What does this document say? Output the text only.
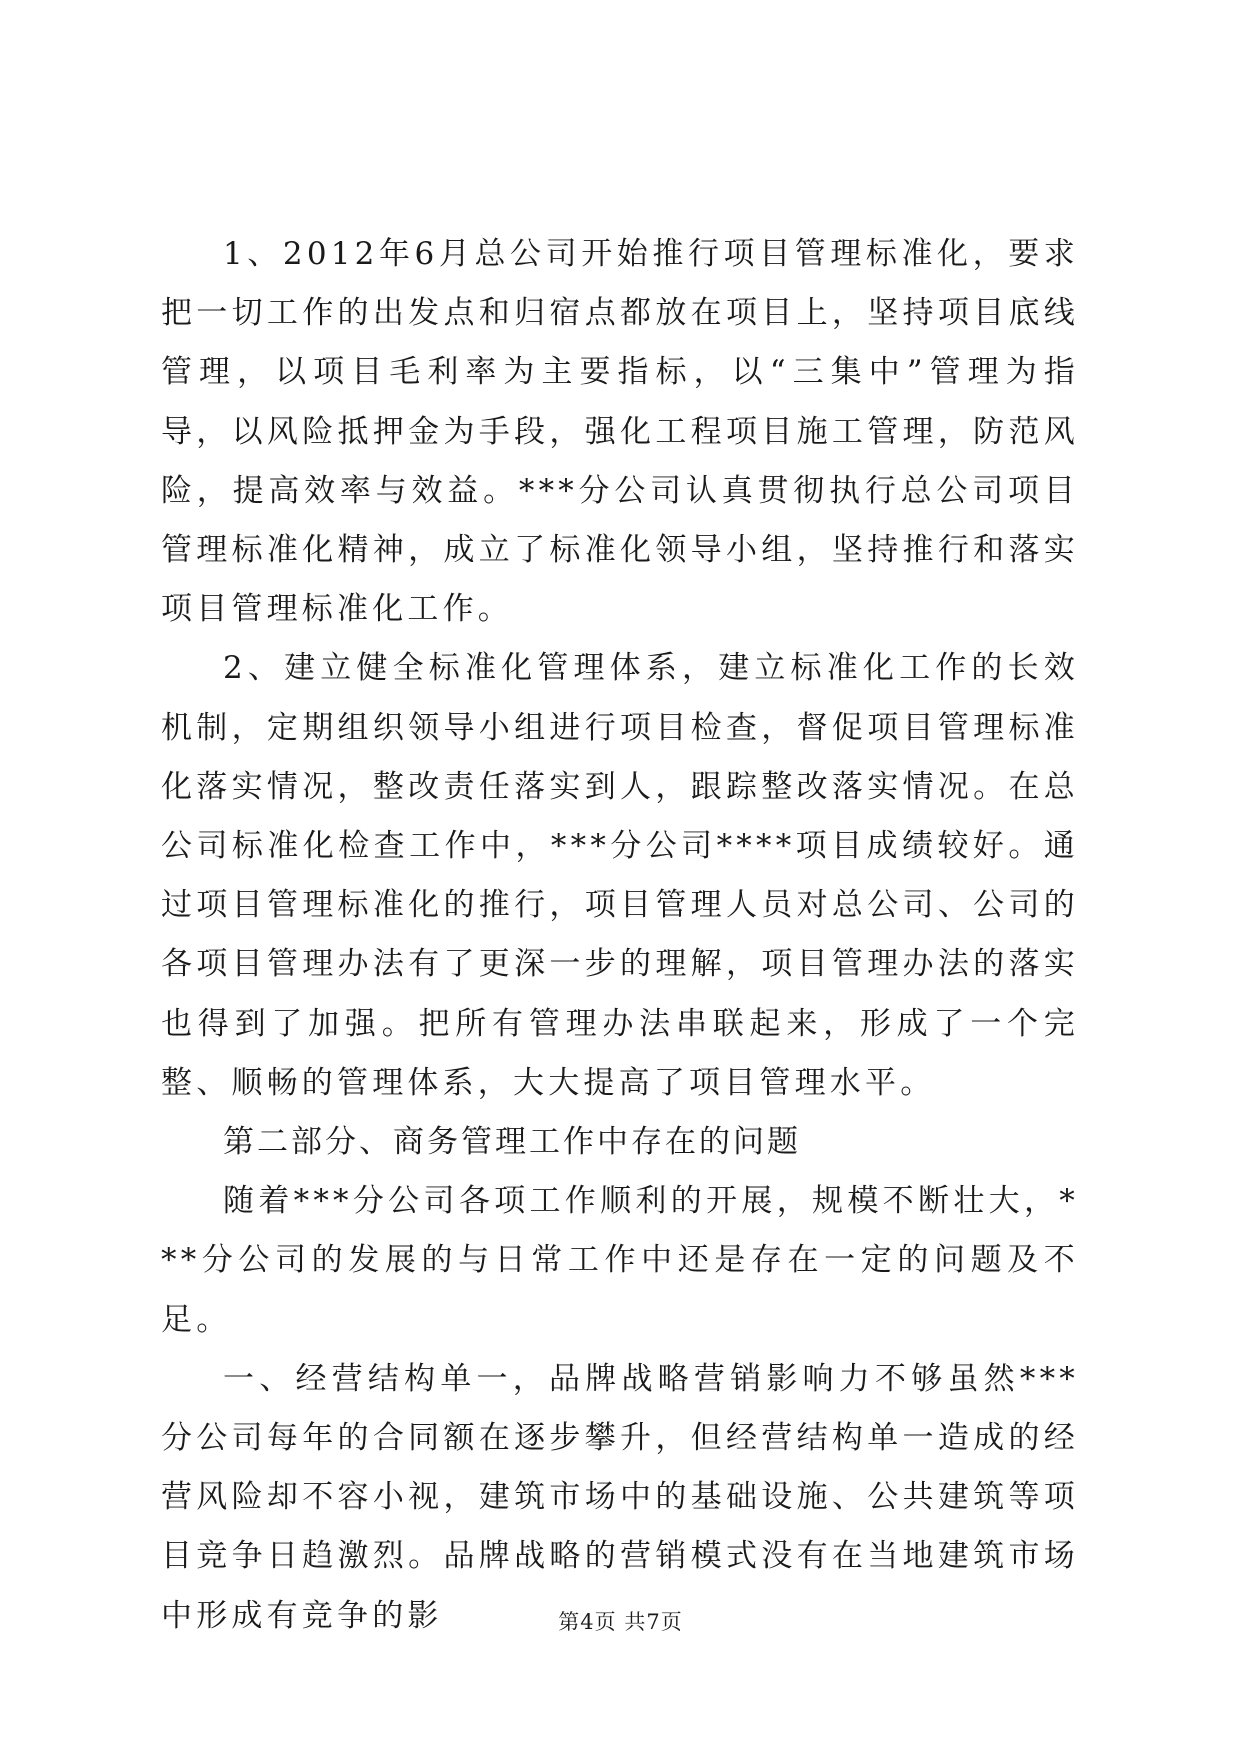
1、2012年6月总公司开始推行项目管理标准化，要求把一切工作的出发点和归宿点都放在项目上，坚持项目底线管理，以项目毛利率为主要指标，以“三集中”管理为指导，以风险抵押金为手段，强化工程项目施工管理，防范风险，提高效率与效益。***分公司认真贯彻执行总公司项目管理标准化精神，成立了标准化领导小组，坚持推行和落实项目管理标准化工作。

2、建立健全标准化管理体系，建立标准化工作的长效机制，定期组织领导小组进行项目检查，督促项目管理标准化落实情况，整改责任落实到人，跟踪整改落实情况。在总公司标准化检查工作中，***分公司****项目成绩较好。通过项目管理标准化的推行，项目管理人员对总公司、公司的各项目管理办法有了更深一步的理解，项目管理办法的落实也得到了加强。把所有管理办法串联起来，形成了一个完整、顺畅的管理体系，大大提高了项目管理水平。

第二部分、商务管理工作中存在的问题

随着***分公司各项工作顺利的开展，规模不断壮大，***分公司的发展的与日常工作中还是存在一定的问题及不足。

一、经营结构单一，品牌战略营销影响力不够虽然***分公司每年的合同额在逐步攀升，但经营结构单一造成的经营风险却不容小视，建筑市场中的基础设施、公共建筑等项目竞争日趋激烈。品牌战略的营销模式没有在当地建筑市场中形成有竞争的影	第4页 共7页
